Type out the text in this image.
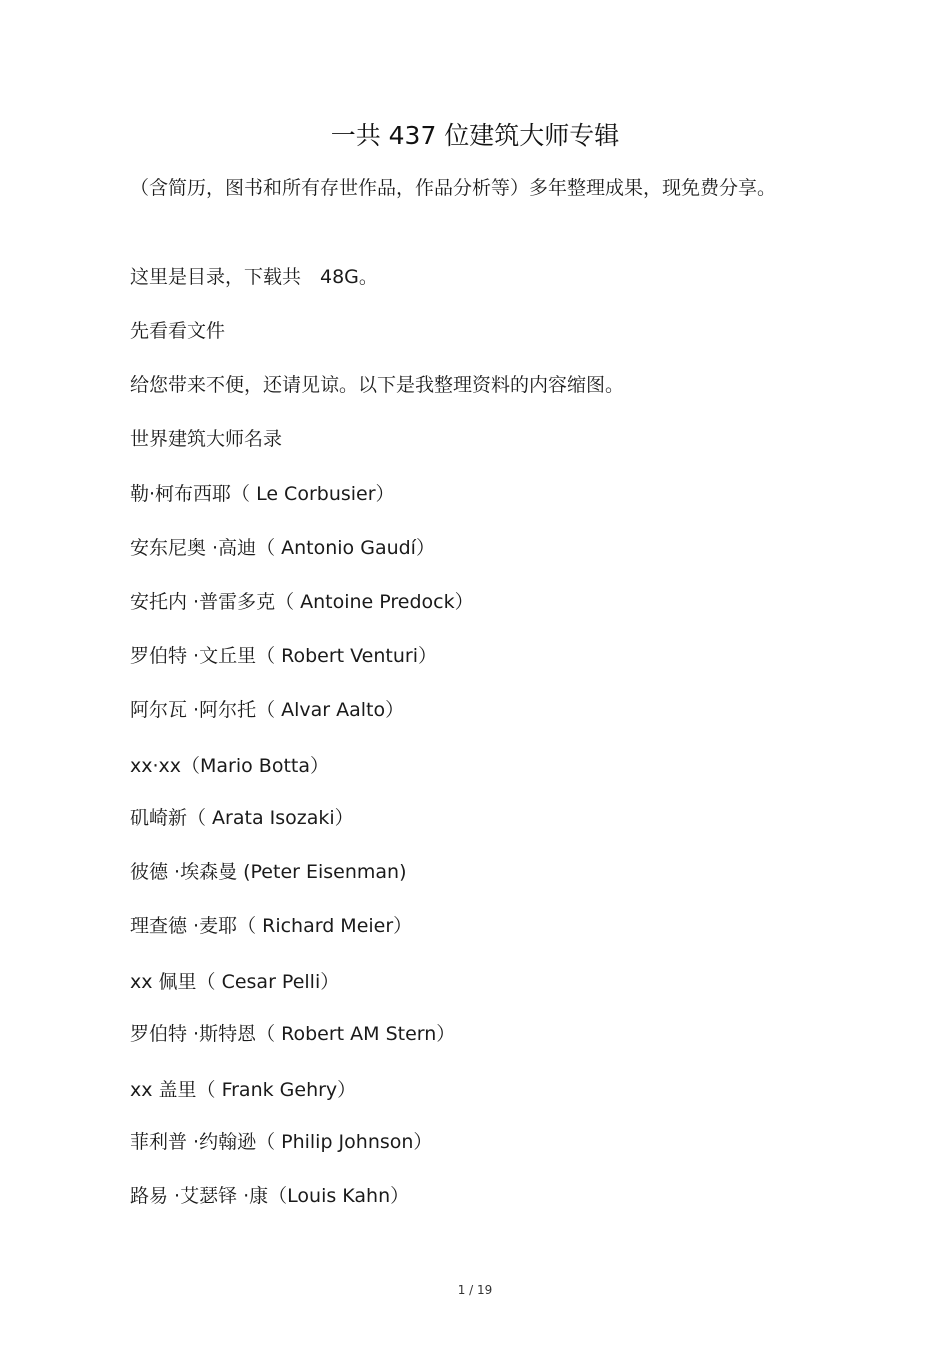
一共 437 位建筑大师专辑
（含简历，图书和所有存世作品，作品分析等）多年整理成果，现免费分享。
这里是目录，下载共　48G。
先看看文件
给您带来不便，还请见谅。以下是我整理资料的内容缩图。
世界建筑大师名录
勒·柯布西耶（ Le Corbusier）
安东尼奥 ·高迪（ Antonio Gaudí）
安托内 ·普雷多克（ Antoine Predock）
罗伯特 ·文丘里（ Robert Venturi）
阿尔瓦 ·阿尔托（ Alvar Aalto）
xx·xx（Mario Botta）
矶崎新（ Arata Isozaki）
彼德 ·埃森曼 (Peter Eisenman)
理查德 ·麦耶（ Richard Meier）
xx 佩里（ Cesar Pelli）
罗伯特 ·斯特恩（ Robert AM Stern）
xx 盖里（ Frank Gehry）
菲利普 ·约翰逊（ Philip Johnson）
路易 ·艾瑟铎 ·康（Louis Kahn）
1 / 19
